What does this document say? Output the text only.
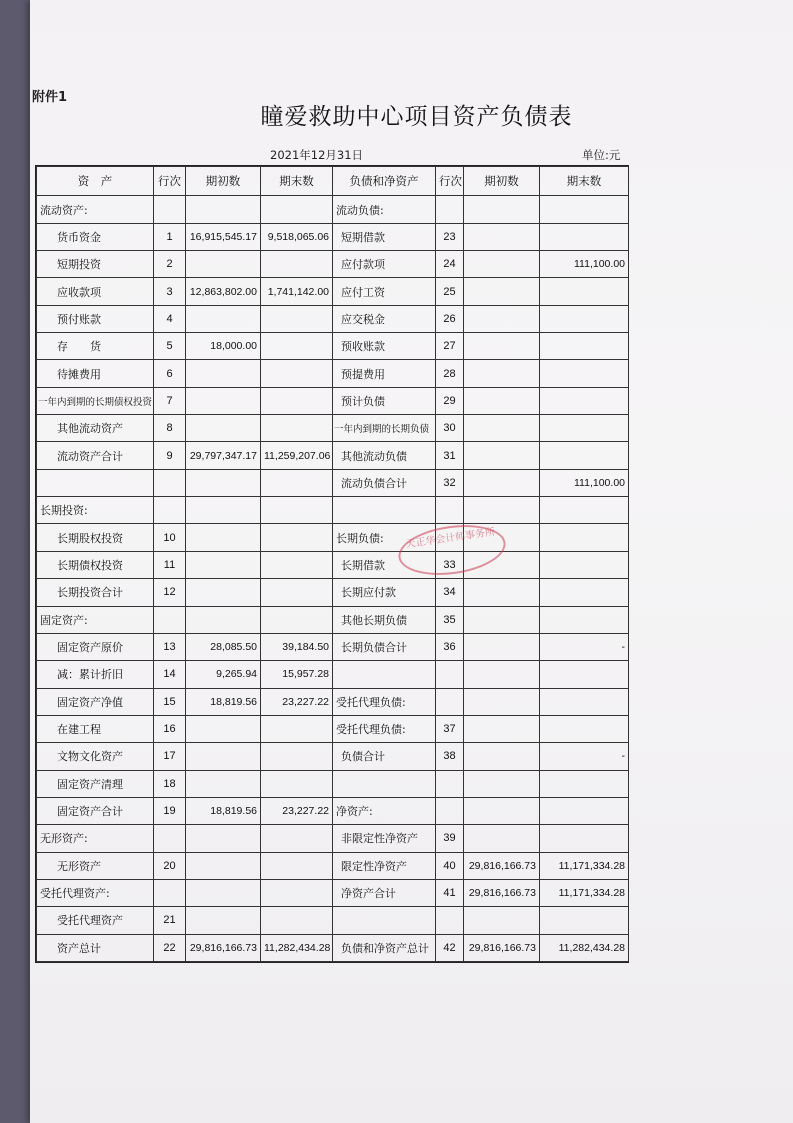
附件1
瞳爱救助中心项目资产负债表
2021年12月31日	单位:元
资　产	行次	期初数	期末数	负债和净资产	行次	期初数	期末数
流动资产:				流动负债:			
货币资金	1	16,915,545.17	9,518,065.06	短期借款	23		
短期投资	2			应付款项	24		111,100.00
应收款项	3	12,863,802.00	1,741,142.00	应付工资	25		
预付账款	4			应交税金	26		
存　　货	5	18,000.00		预收账款	27		
待摊费用	6			预提费用	28		
一年内到期的长期债权投资	7			预计负债	29		
其他流动资产	8			一年内到期的长期负债	30		
流动资产合计	9	29,797,347.17	11,259,207.06	其他流动负债	31		
				流动负债合计	32		111,100.00
长期投资:							
长期股权投资	10			长期负债:			
长期债权投资	11			长期借款	33		
长期投资合计	12			长期应付款	34		
固定资产:				其他长期负债	35		
固定资产原价	13	28,085.50	39,184.50	长期负债合计	36		-
减：累计折旧	14	9,265.94	15,957.28				
固定资产净值	15	18,819.56	23,227.22	受托代理负债:			
在建工程	16			受托代理负债:	37		
文物文化资产	17			负债合计	38		-
固定资产清理	18						
固定资产合计	19	18,819.56	23,227.22	净资产:			
无形资产:				非限定性净资产	39		
无形资产	20			限定性净资产	40	29,816,166.73	11,171,334.28
受托代理资产:				净资产合计	41	29,816,166.73	11,171,334.28
受托代理资产	21						
资产总计	22	29,816,166.73	11,282,434.28	负债和净资产总计	42	29,816,166.73	11,282,434.28
天正华会计师事务所
